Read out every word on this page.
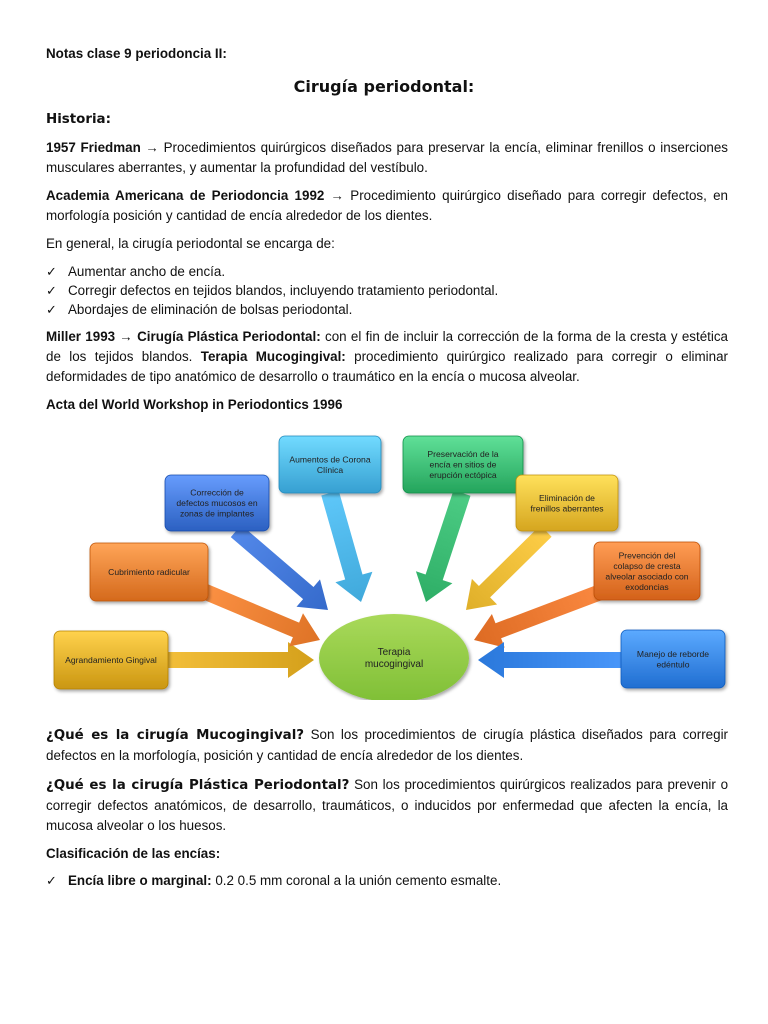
Notas clase 9 periodoncia II:

Cirugía periodontal:

Historia:

1957 Friedman → Procedimientos quirúrgicos diseñados para preservar la encía, eliminar frenillos o inserciones musculares aberrantes, y aumentar la profundidad del vestíbulo.

Academia Americana de Periodoncia 1992 → Procedimiento quirúrgico diseñado para corregir defectos, en morfología posición y cantidad de encía alrededor de los dientes.

En general, la cirugía periodontal se encarga de:

✓ Aumentar ancho de encía.
✓ Corregir defectos en tejidos blandos, incluyendo tratamiento periodontal.
✓ Abordajes de eliminación de bolsas periodontal.

Miller 1993 → Cirugía Plástica Periodontal: con el fin de incluir la corrección de la forma de la cresta y estética de los tejidos blandos. Terapia Mucogingival: procedimiento quirúrgico realizado para corregir o eliminar deformidades de tipo anatómico de desarrollo o traumático en la encía o mucosa alveolar.

Acta del World Workshop in Periodontics 1996

Agrandamiento Gingival
Cubrimiento radicular
Corrección de
defectos mucosos en
zonas de implantes
Aumentos de Corona
Clínica
Preservación de la
encía en sitios de
erupción ectópica
Eliminación de
frenillos aberrantes
Prevención del
colapso de cresta
alveolar asociado con
exodoncias
Manejo de reborde
edéntulo
Terapia
mucogingival

¿Qué es la cirugía Mucogingival? Son los procedimientos de cirugía plástica diseñados para corregir defectos en la morfología, posición y cantidad de encía alrededor de los dientes.

¿Qué es la cirugía Plástica Periodontal? Son los procedimientos quirúrgicos realizados para prevenir o corregir defectos anatómicos, de desarrollo, traumáticos, o inducidos por enfermedad que afecten la encía, la mucosa alveolar o los huesos.

Clasificación de las encías:

✓ Encía libre o marginal: 0.2 0.5 mm coronal a la unión cemento esmalte.
